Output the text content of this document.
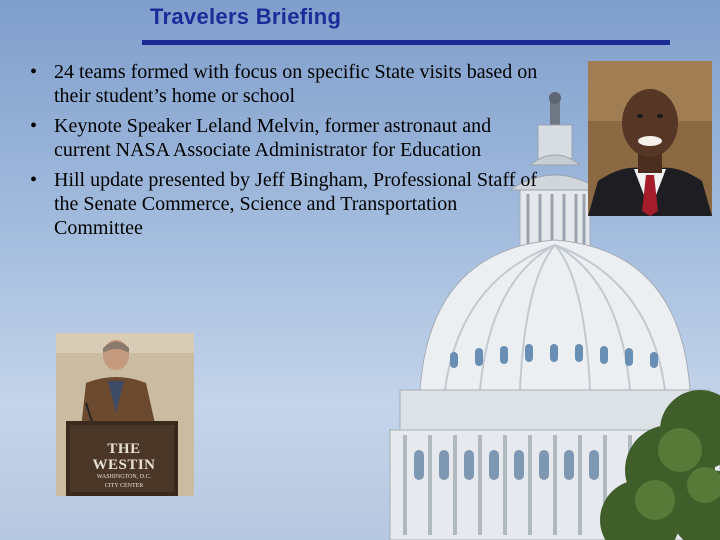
Travelers Briefing
• 24 teams formed with focus on specific State visits based on their student’s home or school
• Keynote Speaker Leland Melvin, former astronaut and current NASA Associate Administrator for Education
• Hill update presented by Jeff Bingham, Professional Staff of the Senate Commerce, Science and Transportation Committee
THE WESTIN
WASHINGTON, D.C.
CITY CENTER
